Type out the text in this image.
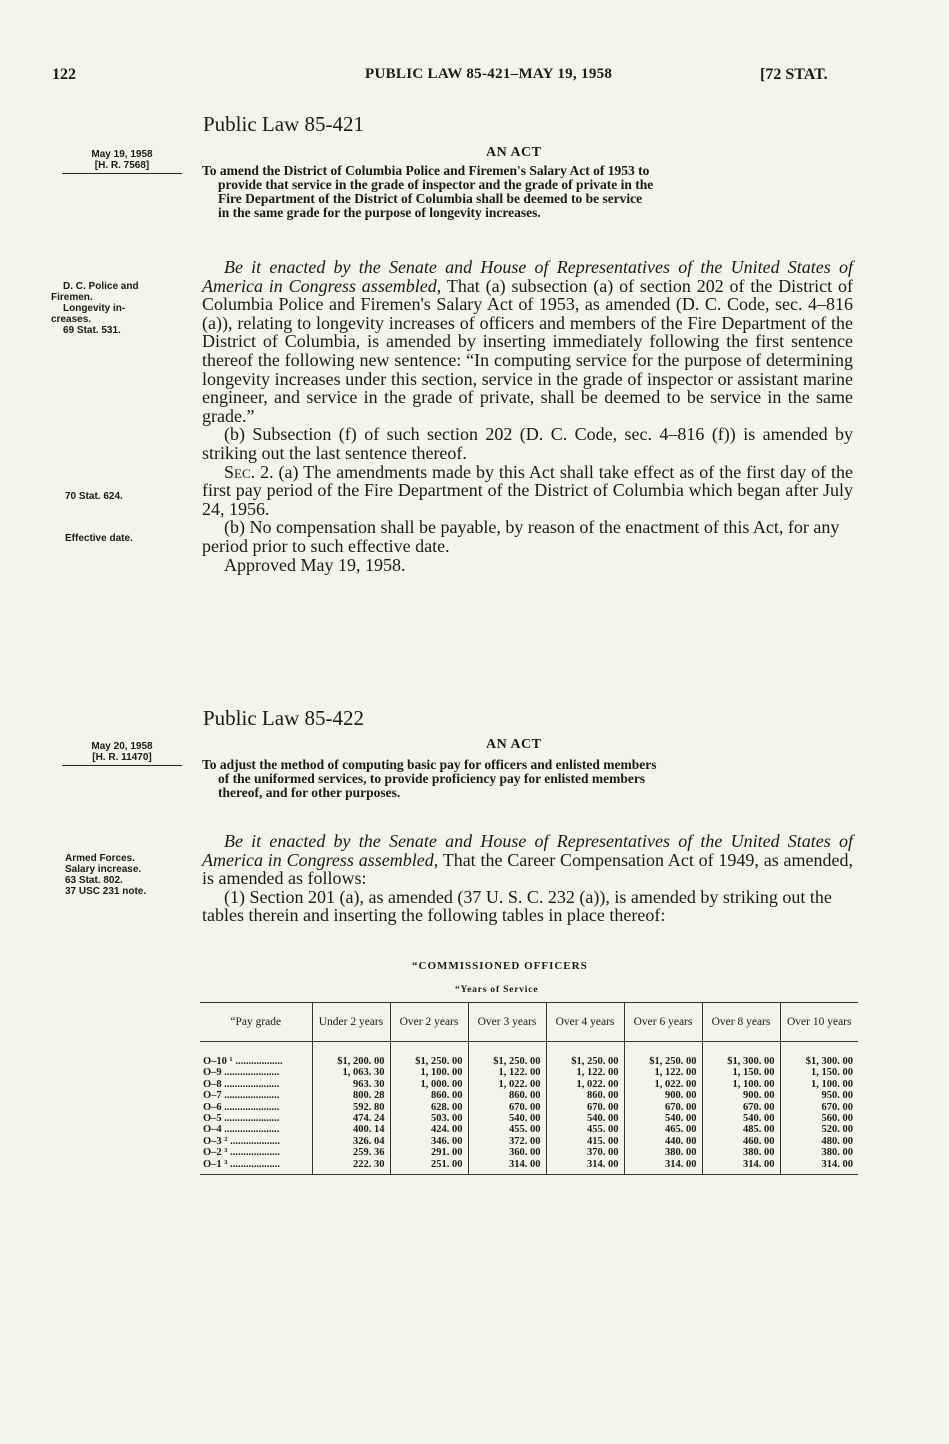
122	PUBLIC LAW 85-421–MAY 19, 1958	[72 STAT.
Public Law 85-421
AN ACT
May 19, 1958
[H. R. 7568]	To amend the District of Columbia Police and Firemen's Salary Act of 1953 to

provide that service in the grade of inspector and the grade of private in the

Fire Department of the District of Columbia shall be deemed to be service

in the same grade for the purpose of longevity increases.

D. C. Police and
Firemen.
Longevity in-
creases.
69 Stat. 531.
70 Stat. 624.
Effective date.

Be it enacted by the Senate and House of Representatives of the United States of America in Congress assembled, That (a) subsection (a) of section 202 of the District of Columbia Police and Firemen's Salary Act of 1953, as amended (D. C. Code, sec. 4–816 (a)), relating to longevity increases of officers and members of the Fire Department of the District of Columbia, is amended by inserting immediately following the first sentence thereof the following new sentence: “In computing service for the purpose of determining longevity increases under this section, service in the grade of inspector or assistant marine engineer, and service in the grade of private, shall be deemed to be service in the same grade.”

(b) Subsection (f) of such section 202 (D. C. Code, sec. 4–816 (f)) is amended by striking out the last sentence thereof.

Sec. 2. (a) The amendments made by this Act shall take effect as of the first day of the first pay period of the Fire Department of the District of Columbia which began after July 24, 1956.

(b) No compensation shall be payable, by reason of the enactment of this Act, for any period prior to such effective date.

Approved May 19, 1958.

Public Law 85-422
AN ACT
May 20, 1958
[H. R. 11470]	To adjust the method of computing basic pay for officers and enlisted members

of the uniformed services, to provide proficiency pay for enlisted members

thereof, and for other purposes.

Armed Forces.
Salary increase.
63 Stat. 802.
37 USC 231 note.

Be it enacted by the Senate and House of Representatives of the United States of America in Congress assembled, That the Career Compensation Act of 1949, as amended, is amended as follows:

(1) Section 201 (a), as amended (37 U. S. C. 232 (a)), is amended by striking out the tables therein and inserting the following tables in place thereof:

“COMMISSIONED OFFICERS
“Years of Service
“Pay grade	Under 2 years	Over 2 years	Over 3 years	Over 4 years	Over 6 years	Over 8 years	Over 10 years
O–10 ¹ ..................	$1, 200. 00	$1, 250. 00	$1, 250. 00	$1, 250. 00	$1, 250. 00	$1, 300. 00	$1, 300. 00
O–9 .....................	1, 063. 30	1, 100. 00	1, 122. 00	1, 122. 00	1, 122. 00	1, 150. 00	1, 150. 00
O–8 .....................	963. 30	1, 000. 00	1, 022. 00	1, 022. 00	1, 022. 00	1, 100. 00	1, 100. 00
O–7 .....................	800. 28	860. 00	860. 00	860. 00	900. 00	900. 00	950. 00
O–6 .....................	592. 80	628. 00	670. 00	670. 00	670. 00	670. 00	670. 00
O–5 .....................	474. 24	503. 00	540. 00	540. 00	540. 00	540. 00	560. 00
O–4 .....................	400. 14	424. 00	455. 00	455. 00	465. 00	485. 00	520. 00
O–3 ² ...................	326. 04	346. 00	372. 00	415. 00	440. 00	460. 00	480. 00
O–2 ³ ...................	259. 36	291. 00	360. 00	370. 00	380. 00	380. 00	380. 00
O–1 ³ ...................	222. 30	251. 00	314. 00	314. 00	314. 00	314. 00	314. 00
